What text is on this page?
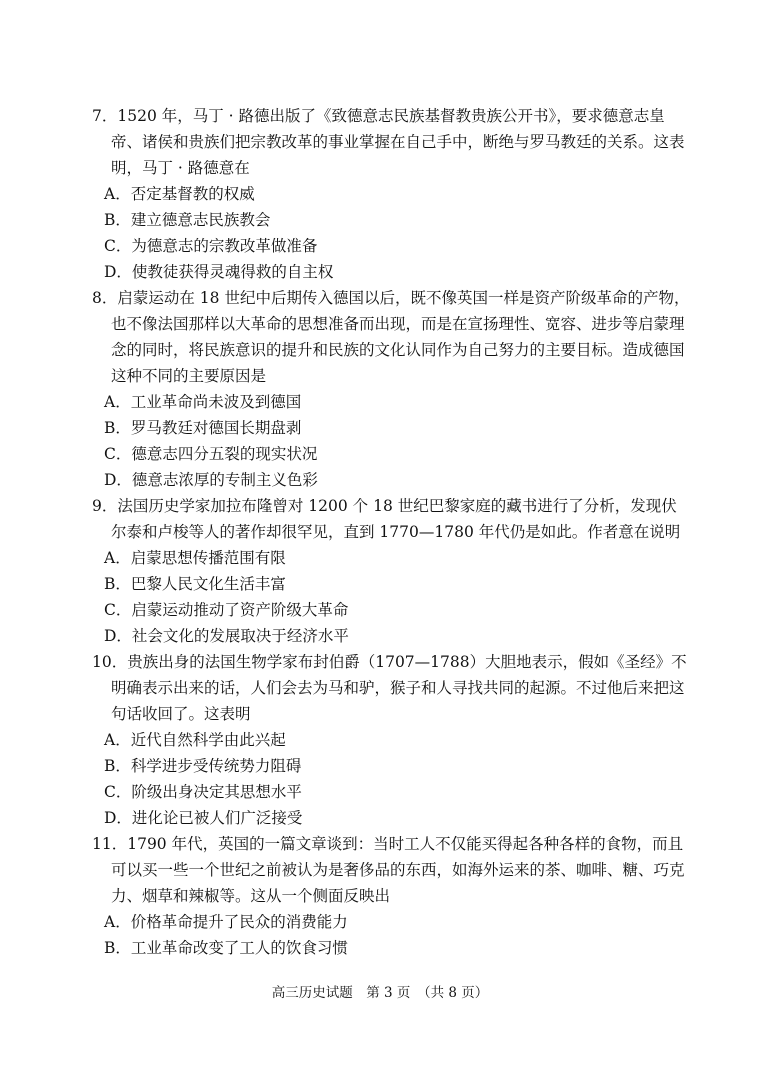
7．1520 年，马丁 · 路德出版了《致德意志民族基督教贵族公开书》，要求德意志皇
帝、诸侯和贵族们把宗教改革的事业掌握在自己手中，断绝与罗马教廷的关系。这表
明，马丁 · 路德意在
A．否定基督教的权威
B．建立德意志民族教会
C．为德意志的宗教改革做准备
D．使教徒获得灵魂得救的自主权
8．启蒙运动在 18 世纪中后期传入德国以后，既不像英国一样是资产阶级革命的产物，
也不像法国那样以大革命的思想准备而出现，而是在宣扬理性、宽容、进步等启蒙理
念的同时，将民族意识的提升和民族的文化认同作为自己努力的主要目标。造成德国
这种不同的主要原因是
A．工业革命尚未波及到德国
B．罗马教廷对德国长期盘剥
C．德意志四分五裂的现实状况
D．德意志浓厚的专制主义色彩
9．法国历史学家加拉布隆曾对 1200 个 18 世纪巴黎家庭的藏书进行了分析，发现伏
尔泰和卢梭等人的著作却很罕见，直到 1770—1780 年代仍是如此。作者意在说明
A．启蒙思想传播范围有限
B．巴黎人民文化生活丰富
C．启蒙运动推动了资产阶级大革命
D．社会文化的发展取决于经济水平
10．贵族出身的法国生物学家布封伯爵（1707—1788）大胆地表示，假如《圣经》不
明确表示出来的话，人们会去为马和驴，猴子和人寻找共同的起源。不过他后来把这
句话收回了。这表明
A．近代自然科学由此兴起
B．科学进步受传统势力阻碍
C．阶级出身决定其思想水平
D．进化论已被人们广泛接受
11．1790 年代，英国的一篇文章谈到：当时工人不仅能买得起各种各样的食物，而且
可以买一些一个世纪之前被认为是奢侈品的东西，如海外运来的茶、咖啡、糖、巧克
力、烟草和辣椒等。这从一个侧面反映出
A．价格革命提升了民众的消费能力
B．工业革命改变了工人的饮食习惯
高三历史试题　第 3 页　（共 8 页）
